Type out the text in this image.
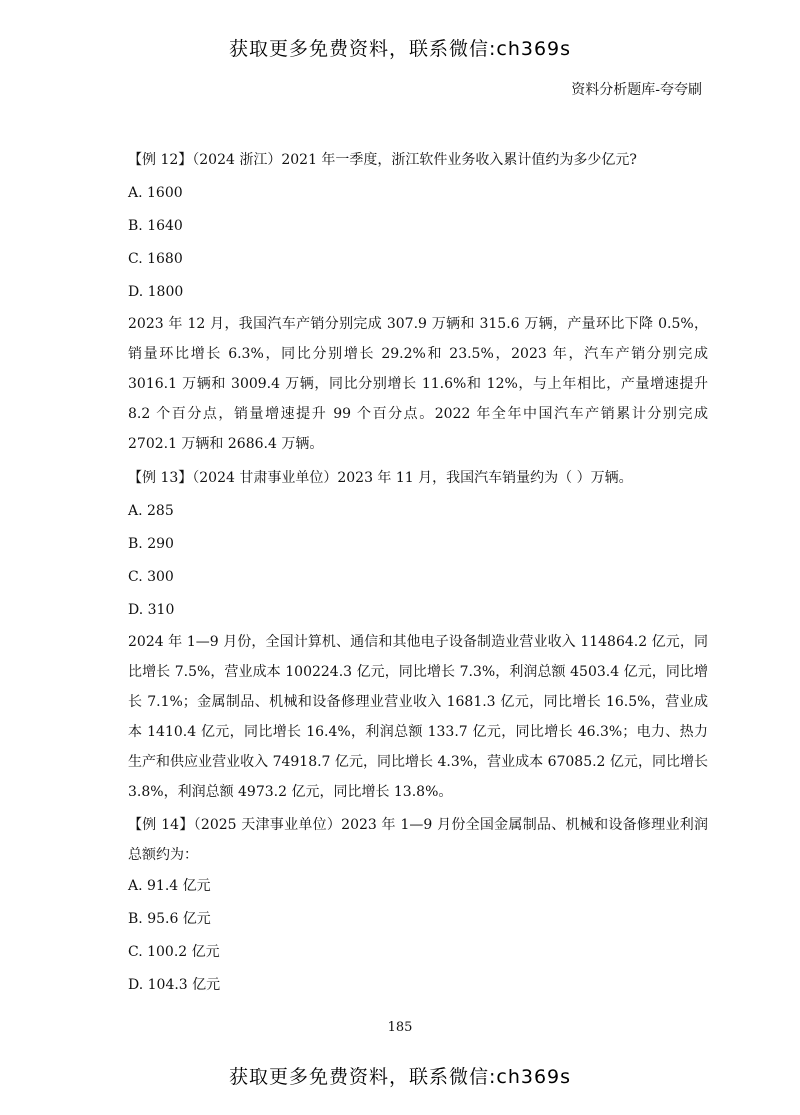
获取更多免费资料，联系微信:ch369s
资料分析题库-夸夸刷
【例 12】（2024 浙江）2021 年一季度，浙江软件业务收入累计值约为多少亿元?
A. 1600
B. 1640
C. 1680
D. 1800

2023 年 12 月，我国汽车产销分别完成 307.9 万辆和 315.6 万辆，产量环比下降 0.5%，销量环比增长 6.3%，同比分别增长 29.2%和 23.5%，2023 年，汽车产销分别完成 3016.1 万辆和 3009.4 万辆，同比分别增长 11.6%和 12%，与上年相比，产量增速提升 8.2 个百分点，销量增速提升 99 个百分点。2022 年全年中国汽车产销累计分别完成 2702.1 万辆和 2686.4 万辆。

【例 13】（2024 甘肃事业单位）2023 年 11 月，我国汽车销量约为（ ）万辆。
A. 285
B. 290
C. 300
D. 310

2024 年 1—9 月份，全国计算机、通信和其他电子设备制造业营业收入 114864.2 亿元，同比增长 7.5%，营业成本 100224.3 亿元，同比增长 7.3%，利润总额 4503.4 亿元，同比增长 7.1%；金属制品、机械和设备修理业营业收入 1681.3 亿元，同比增长 16.5%，营业成本 1410.4 亿元，同比增长 16.4%，利润总额 133.7 亿元，同比增长 46.3%；电力、热力生产和供应业营业收入 74918.7 亿元，同比增长 4.3%，营业成本 67085.2 亿元，同比增长 3.8%，利润总额 4973.2 亿元，同比增长 13.8%。

【例 14】（2025 天津事业单位）2023 年 1—9 月份全国金属制品、机械和设备修理业利润总额约为：

A. 91.4 亿元
B. 95.6 亿元
C. 100.2 亿元
D. 104.3 亿元
185
获取更多免费资料，联系微信:ch369s
